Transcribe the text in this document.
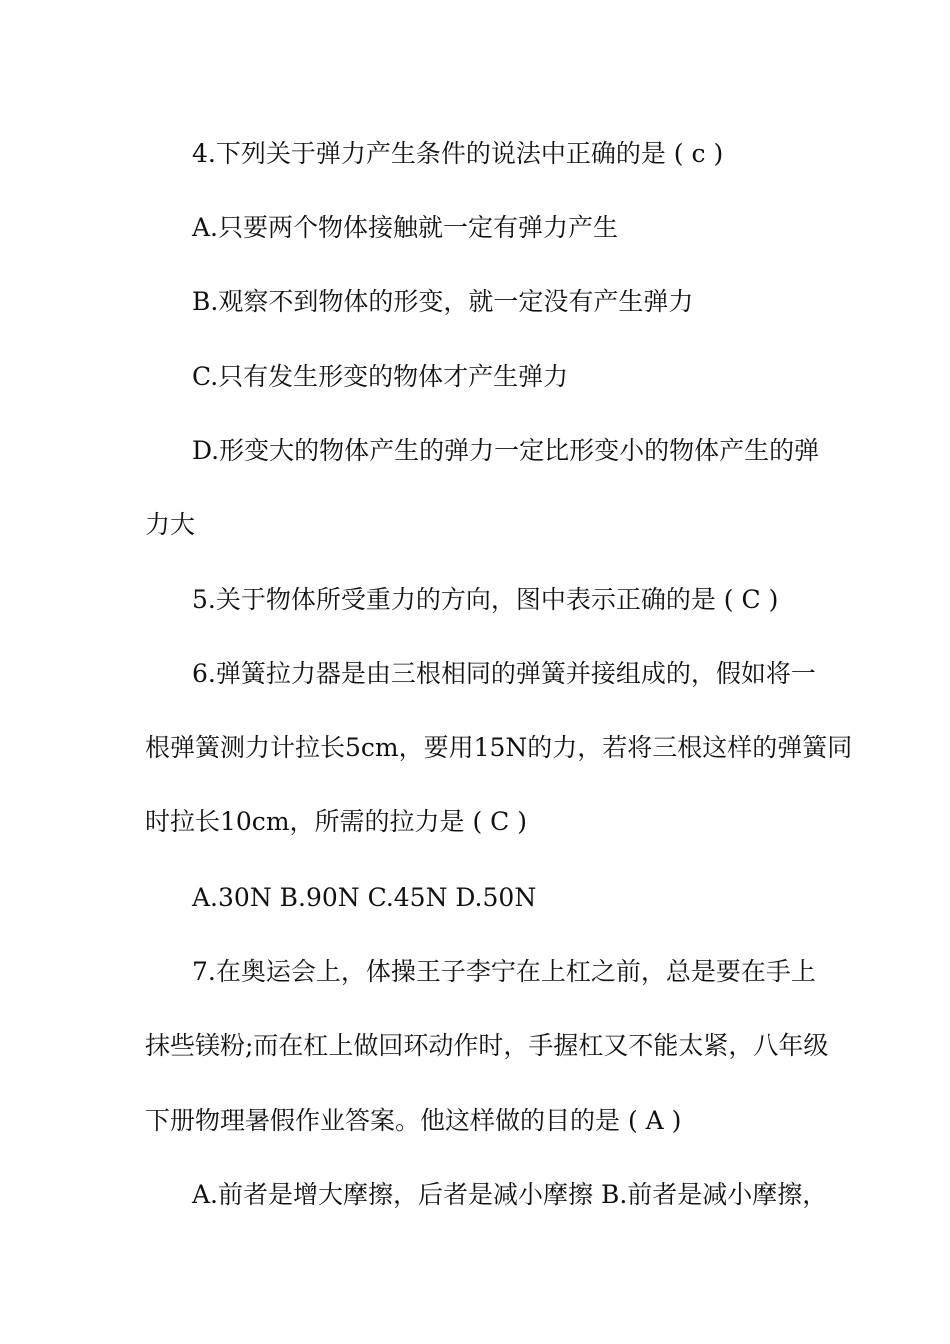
4.下列关于弹力产生条件的说法中正确的是 ( c )
A.只要两个物体接触就一定有弹力产生
B.观察不到物体的形变，就一定没有产生弹力
C.只有发生形变的物体才产生弹力
D.形变大的物体产生的弹力一定比形变小的物体产生的弹
力大
5.关于物体所受重力的方向，图中表示正确的是 ( C )
6.弹簧拉力器是由三根相同的弹簧并接组成的，假如将一
根弹簧测力计拉长5cm，要用15N的力，若将三根这样的弹簧同
时拉长10cm，所需的拉力是 ( C )
A.30N B.90N C.45N D.50N
7.在奥运会上，体操王子李宁在上杠之前，总是要在手上
抹些镁粉;而在杠上做回环动作时，手握杠又不能太紧，八年级
下册物理暑假作业答案。他这样做的目的是 ( A )
A.前者是增大摩擦，后者是减小摩擦 B.前者是减小摩擦，
